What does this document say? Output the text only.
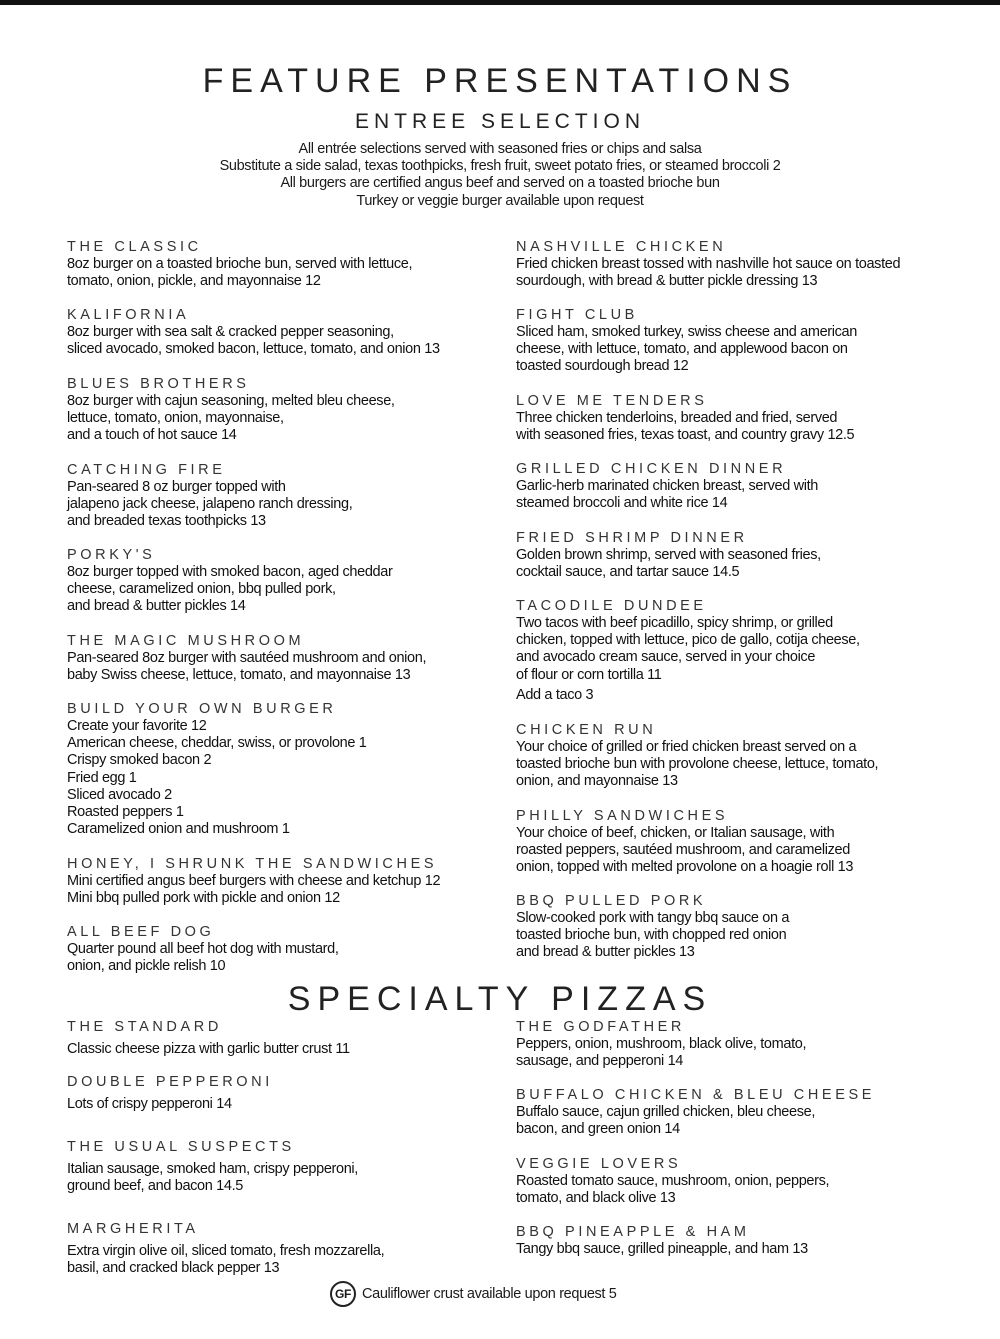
FEATURE PRESENTATIONS
ENTREE SELECTION
All entrée selections served with seasoned fries or chips and salsa
Substitute a side salad, texas toothpicks, fresh fruit, sweet potato fries, or steamed broccoli 2
All burgers are certified angus beef and served on a toasted brioche bun
Turkey or veggie burger available upon request
THE CLASSIC
8oz burger on a toasted brioche bun, served with lettuce,
tomato, onion, pickle, and mayonnaise 12
KALIFORNIA
8oz burger with sea salt & cracked pepper seasoning,
sliced avocado, smoked bacon, lettuce, tomato, and onion 13
BLUES BROTHERS
8oz burger with cajun seasoning, melted bleu cheese,
lettuce, tomato, onion, mayonnaise,
and a touch of hot sauce 14
CATCHING FIRE
Pan-seared 8 oz burger topped with
jalapeno jack cheese, jalapeno ranch dressing,
and breaded texas toothpicks 13
PORKY'S
8oz burger topped with smoked bacon, aged cheddar
cheese, caramelized onion, bbq pulled pork,
and bread & butter pickles 14
THE MAGIC MUSHROOM
Pan-seared 8oz burger with sautéed mushroom and onion,
baby Swiss cheese, lettuce, tomato, and mayonnaise 13
BUILD YOUR OWN BURGER
Create your favorite 12
American cheese, cheddar, swiss, or provolone 1
Crispy smoked bacon 2
Fried egg 1
Sliced avocado 2
Roasted peppers 1
Caramelized onion and mushroom 1
HONEY, I SHRUNK THE SANDWICHES
Mini certified angus beef burgers with cheese and ketchup 12
Mini bbq pulled pork with pickle and onion 12
ALL BEEF DOG
Quarter pound all beef hot dog with mustard,
onion, and pickle relish 10
NASHVILLE CHICKEN
Fried chicken breast tossed with nashville hot sauce on toasted
sourdough, with bread & butter pickle dressing 13
FIGHT CLUB
Sliced ham, smoked turkey, swiss cheese and american
cheese, with lettuce, tomato, and applewood bacon on
toasted sourdough bread 12
LOVE ME TENDERS
Three chicken tenderloins, breaded and fried, served
with seasoned fries, texas toast, and country gravy 12.5
GRILLED CHICKEN DINNER
Garlic-herb marinated chicken breast, served with
steamed broccoli and white rice 14
FRIED SHRIMP DINNER
Golden brown shrimp, served with seasoned fries,
cocktail sauce, and tartar sauce 14.5
TACODILE DUNDEE
Two tacos with beef picadillo, spicy shrimp, or grilled
chicken, topped with lettuce, pico de gallo, cotija cheese,
and avocado cream sauce, served in your choice
of flour or corn tortilla 11
Add a taco 3
CHICKEN RUN
Your choice of grilled or fried chicken breast served on a
toasted brioche bun with provolone cheese, lettuce, tomato,
onion, and mayonnaise 13
PHILLY SANDWICHES
Your choice of beef, chicken, or Italian sausage, with
roasted peppers, sautéed mushroom, and caramelized
onion, topped with melted provolone on a hoagie roll 13
BBQ PULLED PORK
Slow-cooked pork with tangy bbq sauce on a
toasted brioche bun, with chopped red onion
and bread & butter pickles 13
SPECIALTY PIZZAS
THE STANDARD
Classic cheese pizza with garlic butter crust 11
DOUBLE PEPPERONI
Lots of crispy pepperoni 14
THE USUAL SUSPECTS
Italian sausage, smoked ham, crispy pepperoni,
ground beef, and bacon 14.5
MARGHERITA
Extra virgin olive oil, sliced tomato, fresh mozzarella,
basil, and cracked black pepper 13
THE GODFATHER
Peppers, onion, mushroom, black olive, tomato,
sausage, and pepperoni 14
BUFFALO CHICKEN & BLEU CHEESE
Buffalo sauce, cajun grilled chicken, bleu cheese,
bacon, and green onion 14
VEGGIE LOVERS
Roasted tomato sauce, mushroom, onion, peppers,
tomato, and black olive 13
BBQ PINEAPPLE & HAM
Tangy bbq sauce, grilled pineapple, and ham 13
GF Cauliflower crust available upon request 5
